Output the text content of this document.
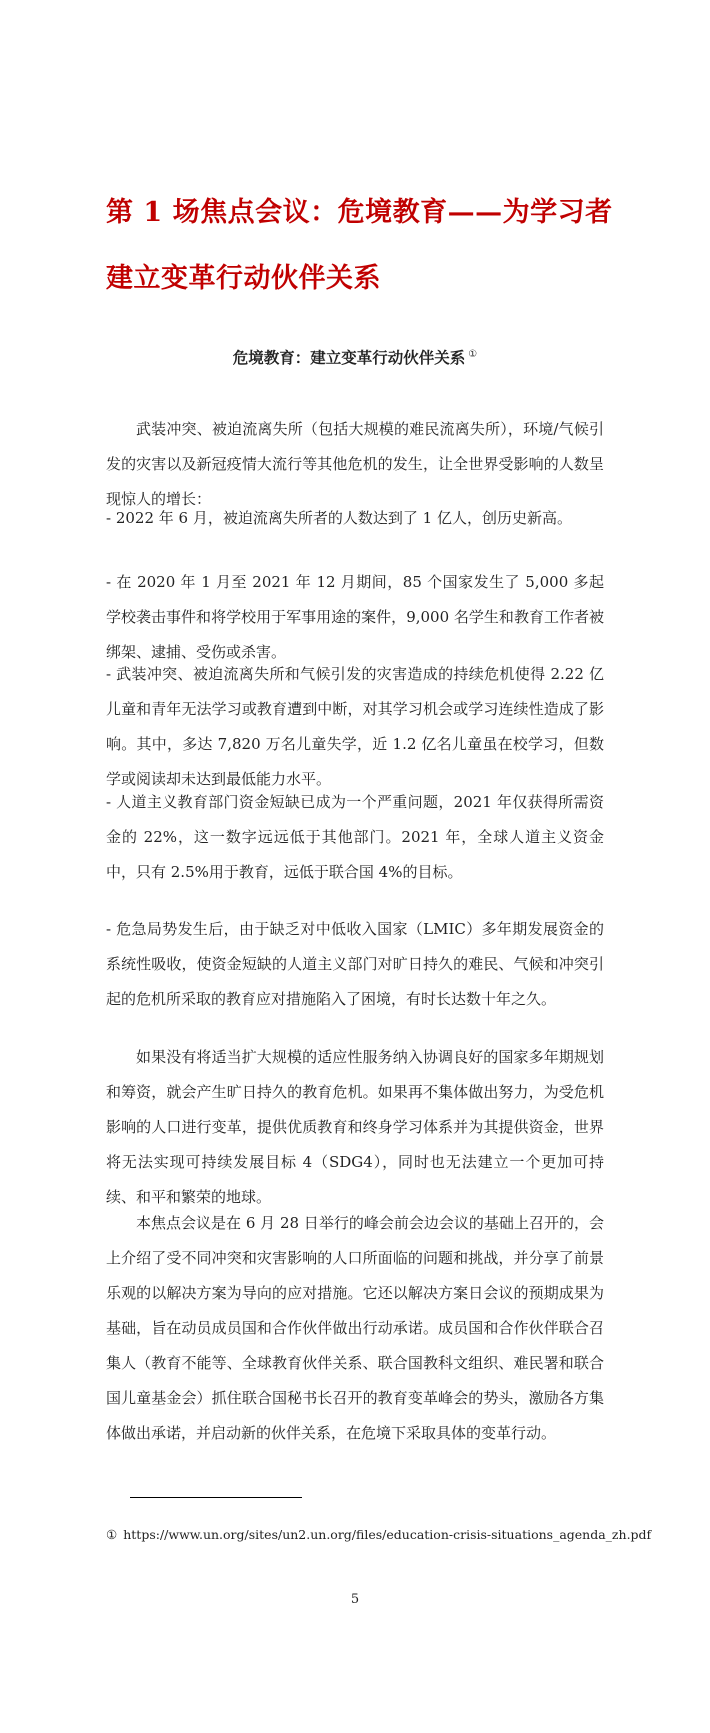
第 1 场焦点会议：危境教育——为学习者建立变革行动伙伴关系
危境教育：建立变革行动伙伴关系 ①

武装冲突、被迫流离失所（包括大规模的难民流离失所），环境/气候引发的灾害以及新冠疫情大流行等其他危机的发生，让全世界受影响的人数呈现惊人的增长：

- 2022 年 6 月，被迫流离失所者的人数达到了 1 亿人，创历史新高。

- 在 2020 年 1 月至 2021 年 12 月期间，85 个国家发生了 5,000 多起学校袭击事件和将学校用于军事用途的案件，9,000 名学生和教育工作者被绑架、逮捕、受伤或杀害。

- 武装冲突、被迫流离失所和气候引发的灾害造成的持续危机使得 2.22 亿儿童和青年无法学习或教育遭到中断，对其学习机会或学习连续性造成了影响。其中，多达 7,820 万名儿童失学，近 1.2 亿名儿童虽在校学习，但数学或阅读却未达到最低能力水平。

- 人道主义教育部门资金短缺已成为一个严重问题，2021 年仅获得所需资金的 22%，这一数字远远低于其他部门。2021 年，全球人道主义资金中，只有 2.5%用于教育，远低于联合国 4%的目标。

- 危急局势发生后，由于缺乏对中低收入国家（LMIC）多年期发展资金的系统性吸收，使资金短缺的人道主义部门对旷日持久的难民、气候和冲突引起的危机所采取的教育应对措施陷入了困境，有时长达数十年之久。

如果没有将适当扩大规模的适应性服务纳入协调良好的国家多年期规划和筹资，就会产生旷日持久的教育危机。如果再不集体做出努力，为受危机影响的人口进行变革，提供优质教育和终身学习体系并为其提供资金，世界将无法实现可持续发展目标 4（SDG4），同时也无法建立一个更加可持续、和平和繁荣的地球。

本焦点会议是在 6 月 28 日举行的峰会前会边会议的基础上召开的，会上介绍了受不同冲突和灾害影响的人口所面临的问题和挑战，并分享了前景乐观的以解决方案为导向的应对措施。它还以解决方案日会议的预期成果为基础，旨在动员成员国和合作伙伴做出行动承诺。成员国和合作伙伴联合召集人（教育不能等、全球教育伙伴关系、联合国教科文组织、难民署和联合国儿童基金会）抓住联合国秘书长召开的教育变革峰会的势头，激励各方集体做出承诺，并启动新的伙伴关系，在危境下采取具体的变革行动。

① https://www.un.org/sites/un2.un.org/files/education-crisis-situations_agenda_zh.pdf
5
